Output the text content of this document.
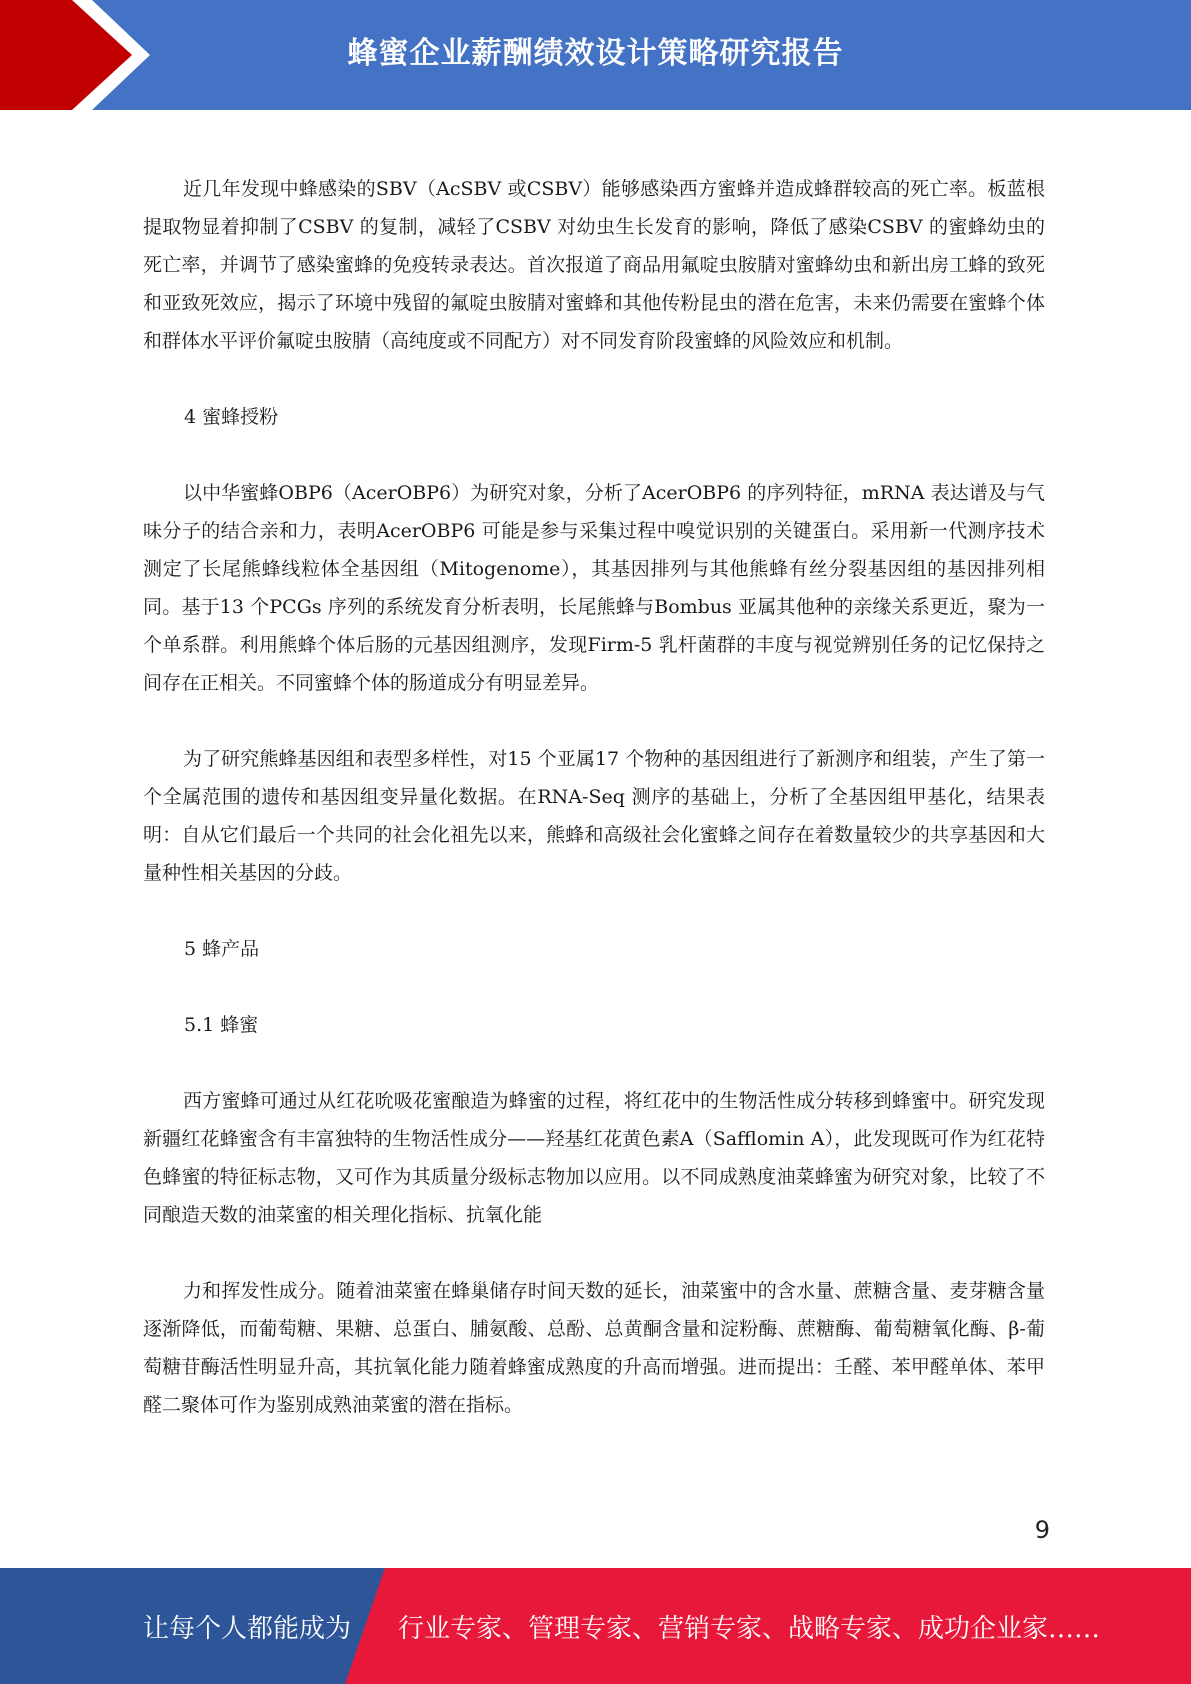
蜂蜜企业薪酬绩效设计策略研究报告

近几年发现中蜂感染的SBV（AcSBV 或CSBV）能够感染西方蜜蜂并造成蜂群较高的死亡率。板蓝根提取物显着抑制了CSBV 的复制，减轻了CSBV 对幼虫生长发育的影响，降低了感染CSBV 的蜜蜂幼虫的死亡率，并调节了感染蜜蜂的免疫转录表达。首次报道了商品用氟啶虫胺腈对蜜蜂幼虫和新出房工蜂的致死和亚致死效应，揭示了环境中残留的氟啶虫胺腈对蜜蜂和其他传粉昆虫的潜在危害，未来仍需要在蜜蜂个体和群体水平评价氟啶虫胺腈（高纯度或不同配方）对不同发育阶段蜜蜂的风险效应和机制。

4 蜜蜂授粉

以中华蜜蜂OBP6（AcerOBP6）为研究对象，分析了AcerOBP6 的序列特征，mRNA 表达谱及与气味分子的结合亲和力，表明AcerOBP6 可能是参与采集过程中嗅觉识别的关键蛋白。采用新一代测序技术测定了长尾熊蜂线粒体全基因组（Mitogenome），其基因排列与其他熊蜂有丝分裂基因组的基因排列相同。基于13 个PCGs 序列的系统发育分析表明，长尾熊蜂与Bombus 亚属其他种的亲缘关系更近，聚为一个单系群。利用熊蜂个体后肠的元基因组测序，发现Firm-5 乳杆菌群的丰度与视觉辨别任务的记忆保持之间存在正相关。不同蜜蜂个体的肠道成分有明显差异。

为了研究熊蜂基因组和表型多样性，对15 个亚属17 个物种的基因组进行了新测序和组装，产生了第一个全属范围的遗传和基因组变异量化数据。在RNA-Seq 测序的基础上，分析了全基因组甲基化，结果表明：自从它们最后一个共同的社会化祖先以来，熊蜂和高级社会化蜜蜂之间存在着数量较少的共享基因和大量种性相关基因的分歧。

5 蜂产品

5.1 蜂蜜

西方蜜蜂可通过从红花吮吸花蜜酿造为蜂蜜的过程，将红花中的生物活性成分转移到蜂蜜中。研究发现新疆红花蜂蜜含有丰富独特的生物活性成分——羟基红花黄色素A（Safflomin A），此发现既可作为红花特色蜂蜜的特征标志物，又可作为其质量分级标志物加以应用。以不同成熟度油菜蜂蜜为研究对象，比较了不同酿造天数的油菜蜜的相关理化指标、抗氧化能

力和挥发性成分。随着油菜蜜在蜂巢储存时间天数的延长，油菜蜜中的含水量、蔗糖含量、麦芽糖含量逐渐降低，而葡萄糖、果糖、总蛋白、脯氨酸、总酚、总黄酮含量和淀粉酶、蔗糖酶、葡萄糖氧化酶、β-葡萄糖苷酶活性明显升高，其抗氧化能力随着蜂蜜成熟度的升高而增强。进而提出：壬醛、苯甲醛单体、苯甲醛二聚体可作为鉴别成熟油菜蜜的潜在指标。

9
让每个人都能成为 行业专家、管理专家、营销专家、战略专家、成功企业家……
